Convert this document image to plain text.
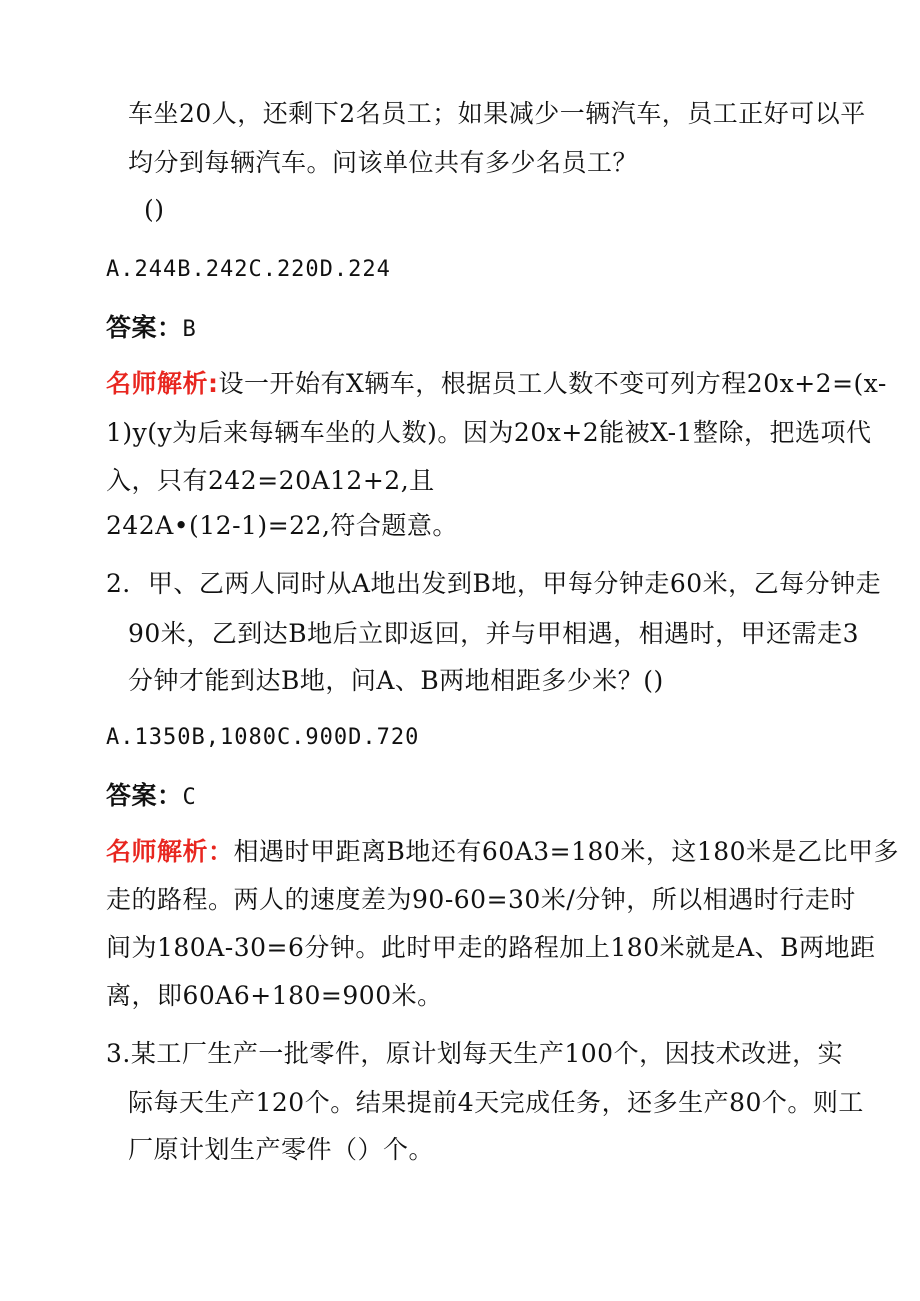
车坐20人，还剩下2名员工；如果减少一辆汽车，员工正好可以平
均分到每辆汽车。问该单位共有多少名员工？
()
A.244B.242C.220D.224
答案：B
名师解析:设一开始有X辆车，根据员工人数不变可列方程20x+2=(x-
1)y(y为后来每辆车坐的人数)。因为20x+2能被X-1整除，把选项代
入，只有242=20A12+2,且
242A•(12-1)=22,符合题意。
2．甲、乙两人同时从A地出发到B地，甲每分钟走60米，乙每分钟走
90米，乙到达B地后立即返回，并与甲相遇，相遇时，甲还需走3
分钟才能到达B地，问A、B两地相距多少米？()
A.1350B,1080C.900D.720
答案：C
名师解析：相遇时甲距离B地还有60A3=180米，这180米是乙比甲多
走的路程。两人的速度差为90-60=30米/分钟，所以相遇时行走时
间为180A-30=6分钟。此时甲走的路程加上180米就是A、B两地距
离，即60A6+180=900米。
3.某工厂生产一批零件，原计划每天生产100个，因技术改进，实
际每天生产120个。结果提前4天完成任务，还多生产80个。则工
厂原计划生产零件（）个。
